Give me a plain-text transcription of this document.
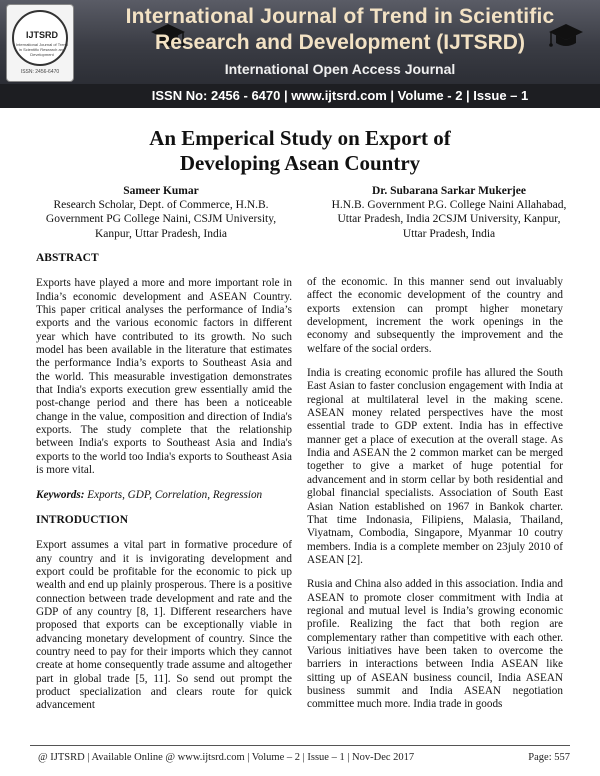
IJTSRD
International Journal of Trend in Scientific Research and Development
ISSN: 2456-6470
International Journal of Trend in Scientific
Research and Development (IJTSRD)
International Open Access Journal
ISSN No: 2456 - 6470 | www.ijtsrd.com | Volume - 2 | Issue – 1
An Emperical Study on Export of
Developing Asean Country
Sameer Kumar
Research Scholar, Dept. of Commerce, H.N.B.
Government PG College Naini, CSJM University,
Kanpur, Uttar Pradesh, India
Dr. Subarana Sarkar Mukerjee
H.N.B. Government P.G. College Naini Allahabad,
Uttar Pradesh, India 2CSJM University, Kanpur,
Uttar Pradesh, India
ABSTRACT
Exports have played a more and more important role in India’s economic development and ASEAN Country. This paper critical analyses the performance of India’s exports and the various economic factors in different year which have contributed to its growth. No such model has been available in the literature that estimates the performance India’s exports to Southeast Asia and the world. This measurable investigation demonstrates that India's exports execution grew essentially amid the post-change period and there has been a noticeable change in the value, composition and direction of India's exports. The study complete that the relationship between India's exports to Southeast Asia and India's exports to the world too India's exports to Southeast Asia is more vital.
Keywords: Exports, GDP, Correlation, Regression
INTRODUCTION
Export assumes a vital part in formative procedure of any country and it is invigorating development and export could be profitable for the economic to pick up wealth and end up plainly prosperous. There is a positive connection between trade development and rate and the GDP of any country [8, 1]. Different researchers have proposed that exports can be exceptionally viable in advancing monetary development of country. Since the country need to pay for their imports which they cannot create at home consequently trade assume and altogether part in global trade [5, 11]. So send out prompt the product specialization and clears route for quick advancement
of the economic. In this manner send out invaluably affect the economic development of the country and exports extension can prompt higher monetary development, increment the work openings in the economy and subsequently the improvement and the welfare of the social orders.
India is creating economic profile has allured the South East Asian to faster conclusion engagement with India at regional at multilateral level in the making scene. ASEAN money related perspectives have the most essential trade to GDP extent. India has in effective manner get a place of execution at the overall stage. As India and ASEAN the 2 common market can be merged together to give a market of huge potential for advancement and in storm cellar by both residential and global financial specialists. Association of South East Asian Nation established on 1967 in Bankok charter. That time Indonasia, Filipiens, Malasia, Thailand, Viyatnam, Combodia, Singapore, Myanmar 10 coutry members. India is a complete member on 23july 2010 of ASEAN [2].
Rusia and China also added in this association. India and ASEAN to promote closer commitment with India at regional and mutual level is India’s growing economic profile. Realizing the fact that both region are complementary rather than competitive with each other. Various initiatives have been taken to overcome the barriers in interactions between India ASEAN like sitting up of ASEAN business council, India ASEAN business summit and India ASEAN negotiation committee much more. India trade in goods
@ IJTSRD | Available Online @ www.ijtsrd.com | Volume – 2 | Issue – 1 | Nov-Dec 2017	Page: 557
